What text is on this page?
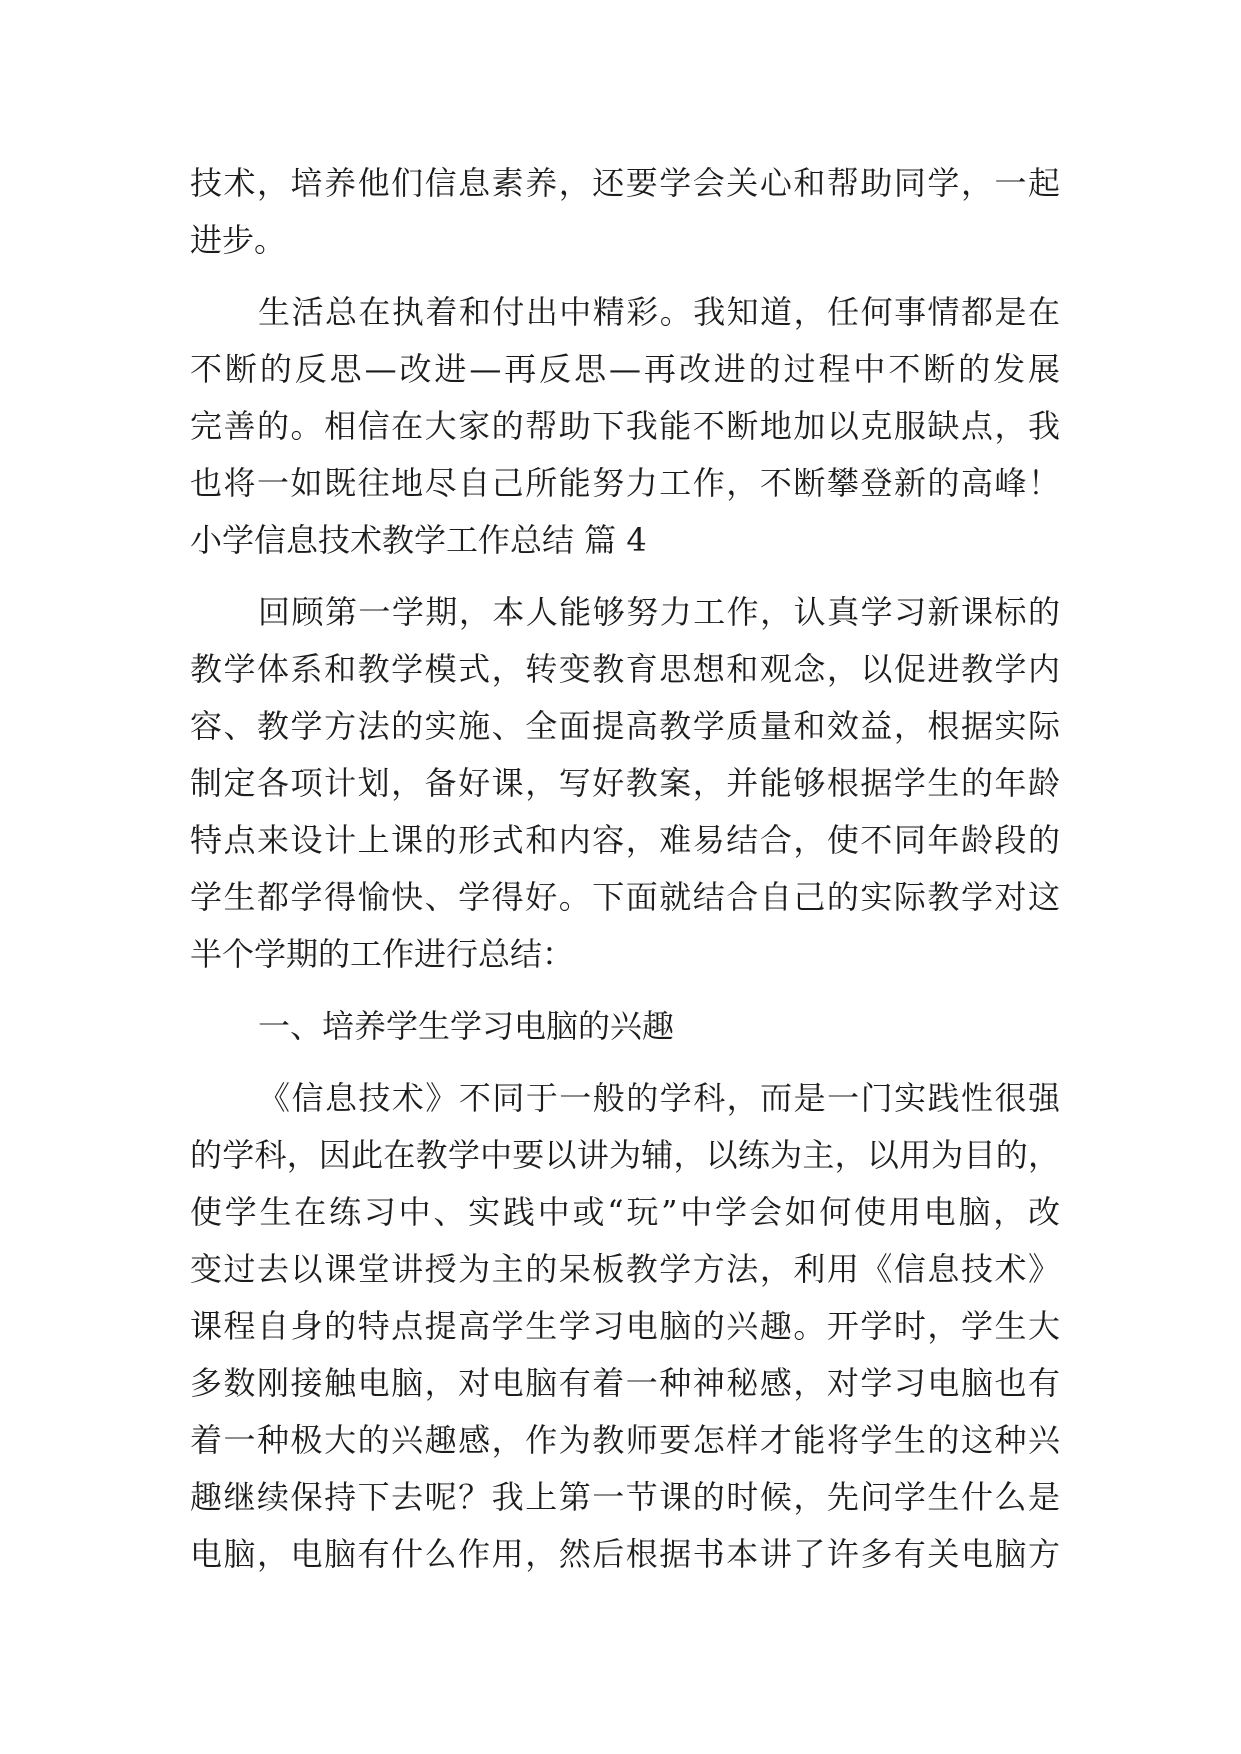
技术，培养他们信息素养，还要学会关心和帮助同学，一起
进步。
生活总在执着和付出中精彩。我知道，任何事情都是在
不断的反思—改进—再反思—再改进的过程中不断的发展
完善的。相信在大家的帮助下我能不断地加以克服缺点，我
也将一如既往地尽自己所能努力工作，不断攀登新的高峰！
小学信息技术教学工作总结 篇 4
回顾第一学期，本人能够努力工作，认真学习新课标的
教学体系和教学模式，转变教育思想和观念，以促进教学内
容、教学方法的实施、全面提高教学质量和效益，根据实际
制定各项计划，备好课，写好教案，并能够根据学生的年龄
特点来设计上课的形式和内容，难易结合，使不同年龄段的
学生都学得愉快、学得好。下面就结合自己的实际教学对这
半个学期的工作进行总结：
一、培养学生学习电脑的兴趣
《信息技术》不同于一般的学科，而是一门实践性很强
的学科，因此在教学中要以讲为辅，以练为主，以用为目的，
使学生在练习中、实践中或“玩”中学会如何使用电脑，改
变过去以课堂讲授为主的呆板教学方法，利用《信息技术》
课程自身的特点提高学生学习电脑的兴趣。开学时，学生大
多数刚接触电脑，对电脑有着一种神秘感，对学习电脑也有
着一种极大的兴趣感，作为教师要怎样才能将学生的这种兴
趣继续保持下去呢？我上第一节课的时候，先问学生什么是
电脑，电脑有什么作用，然后根据书本讲了许多有关电脑方
